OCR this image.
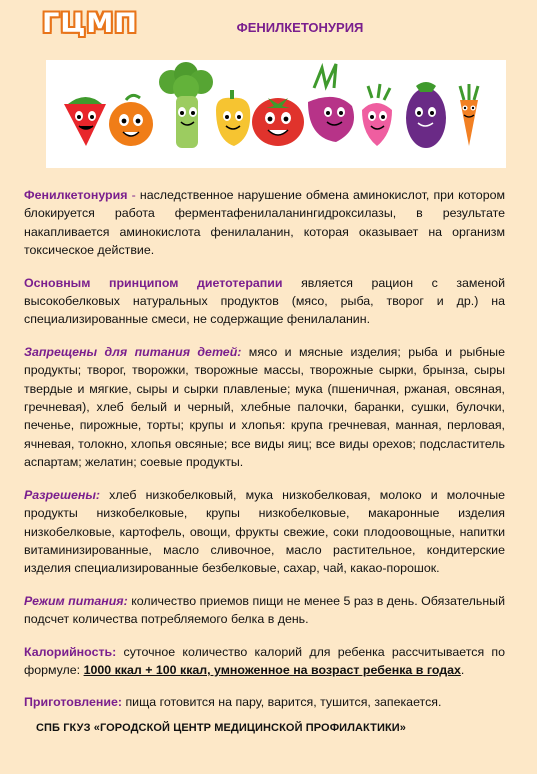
ГЦМП	ФЕНИЛКЕТОНУРИЯ

Фенилкетонурия - наследственное нарушение обмена аминокислот, при котором блокируется работа ферментафенилаланингидроксилазы, в результате накапливается аминокислота фенилаланин, которая оказывает на организм токсическое действие.

Основным принципом диетотерапии является рацион с заменой высокобелковых натуральных продуктов (мясо, рыба, творог и др.) на специализированные смеси, не содержащие фенилаланин.

Запрещены для питания детей: мясо и мясные изделия; рыба и рыбные продукты; творог, творожки, творожные массы, творожные сырки, брынза, сыры твердые и мягкие, сыры и сырки плавленые; мука (пшеничная, ржаная, овсяная, гречневая), хлеб белый и черный, хлебные палочки, баранки, сушки, булочки, печенье, пирожные, торты; крупы и хлопья: крупа гречневая, манная, перловая, ячневая, толокно, хлопья овсяные; все виды яиц; все виды орехов; подсластитель аспартам; желатин; соевые продукты.

Разрешены: хлеб низкобелковый, мука низкобелковая, молоко и молочные продукты низкобелковые, крупы низкобелковые, макаронные изделия низкобелковые, картофель, овощи, фрукты свежие, соки плодоовощные, напитки витаминизированные, масло сливочное, масло растительное, кондитерские изделия специализированные безбелковые, сахар, чай, какао-порошок.

Режим питания: количество приемов пищи не менее 5 раз в день. Обязательный подсчет количества потребляемого белка в день.

Калорийность: суточное количество калорий для ребенка рассчитывается по формуле: 1000 ккал + 100 ккал, умноженное на возраст ребенка в годах.

Приготовление: пища готовится на пару, варится, тушится, запекается.

СПБ ГКУЗ «ГОРОДСКОЙ ЦЕНТР МЕДИЦИНСКОЙ ПРОФИЛАКТИКИ»
